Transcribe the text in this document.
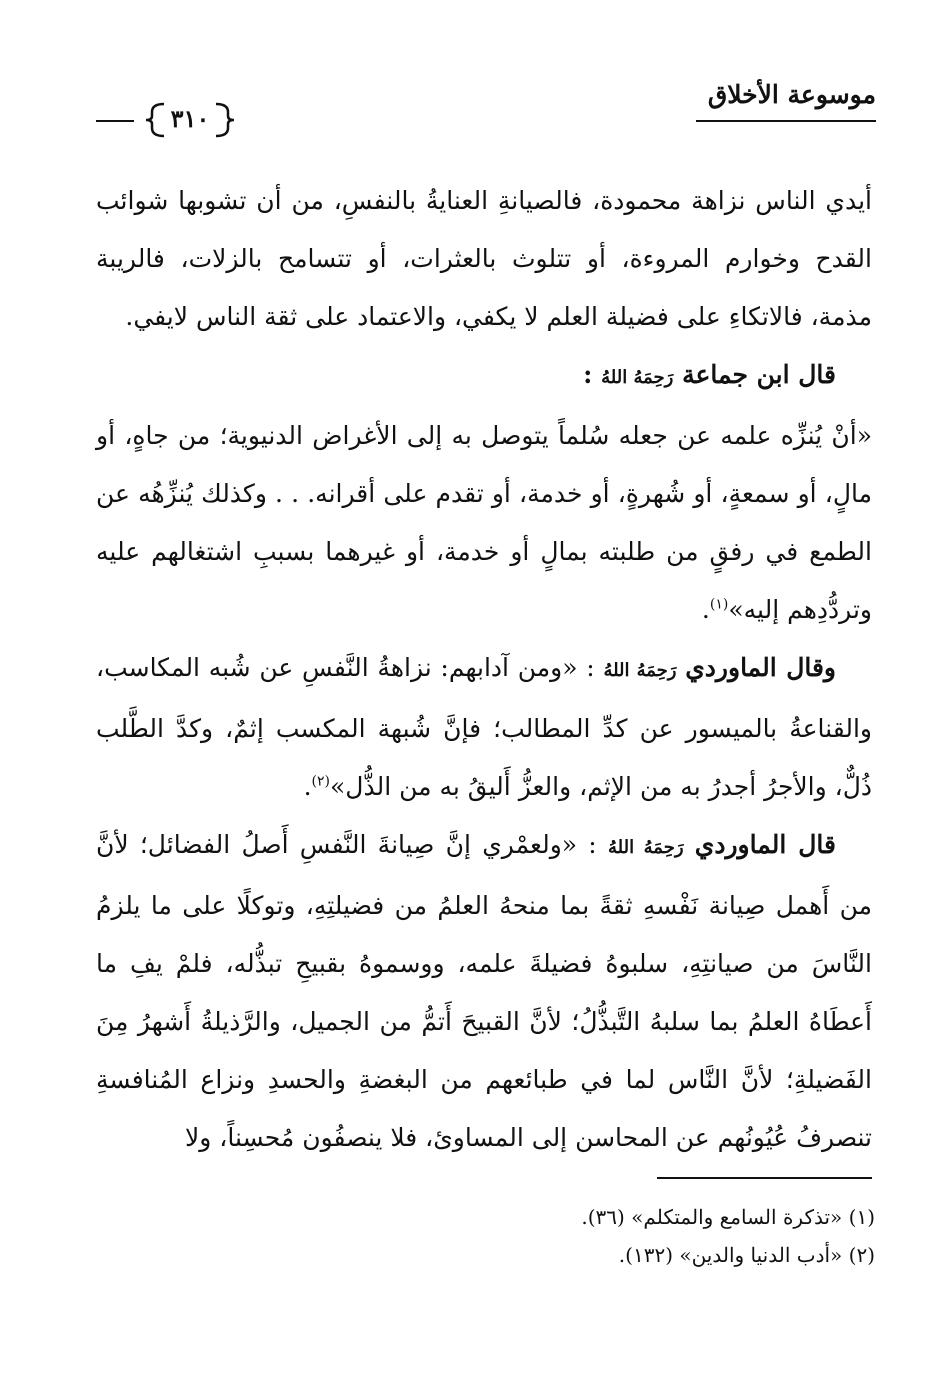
موسوعة الأخلاق
٣١٠

أيدي الناس نزاهة محمودة، فالصيانةِ العنايةُ بالنفسِ، من أن تشوبها شوائب القدح وخوارم المروءة، أو تتلوث بالعثرات، أو تتسامح بالزلات، فالريبة مذمة، فالاتكاءِ على فضيلة العلم لا يكفي، والاعتماد على ثقة الناس لايفي.

قال ابن جماعة رَحِمَهُ اللهُ :

«أنْ يُنزِّه علمه عن جعله سُلماً يتوصل به إلى الأغراض الدنيوية؛ من جاهٍ، أو مالٍ، أو سمعةٍ، أو شُهرةٍ، أو خدمة، أو تقدم على أقرانه. . . وكذلك يُنزِّهُه عن الطمع في رفقٍ من طلبته بمالٍ أو خدمة، أو غيرهما بسببِ اشتغالهم عليه وتردُّدِهم إليه»$^{(١)}$.

وقال الماوردي رَحِمَهُ اللهُ : «ومن آدابهم: نزاهةُ النَّفسِ عن شُبه المكاسب، والقناعةُ بالميسور عن كدِّ المطالب؛ فإنَّ شُبهة المكسب إثمٌ، وكدَّ الطَّلب ذُلٌّ، والأجرُ أجدرُ به من الإثم، والعزُّ أَليقُ به من الذُّل»$^{(٢)}$.

قال الماوردي رَحِمَهُ اللهُ : «ولعمْري إنَّ صِيانةَ النَّفسِ أَصلُ الفضائل؛ لأنَّ من أَهمل صِيانة نَفْسهِ ثقةً بما منحهُ العلمُ من فضيلتِهِ، وتوكلًا على ما يلزمُ النَّاسَ من صيانتِهِ، سلبوهُ فضيلةَ علمه، ووسموهُ بقبيحِ تبذُّله، فلمْ يفِ ما أَعطَاهُ العلمُ بما سلبهُ التَّبذُّلُ؛ لأنَّ القبيحَ أَتمُّ من الجميل، والرَّذيلةُ أَشهرُ مِنَ الفَضيلةِ؛ لأنَّ النَّاس لما في طبائعهم من البغضةِ والحسدِ ونزاع المُنافسةِ تنصرفُ عُيُونُهم عن المحاسن إلى المساوئ، فلا ينصفُون مُحسِناً، ولا

(١) «تذكرة السامع والمتكلم» (٣٦).

(٢) «أدب الدنيا والدين» (١٣٢).
